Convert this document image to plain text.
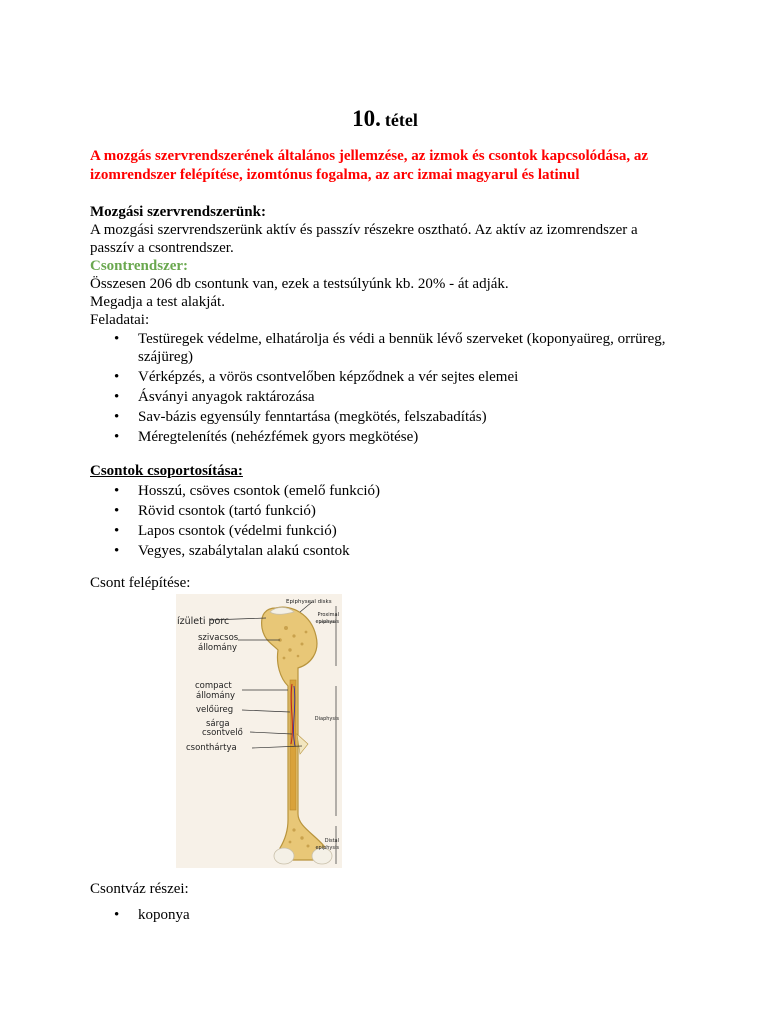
10. tétel
A mozgás szervrendszerének általános jellemzése, az izmok és csontok kapcsolódása, az izomrendszer felépítése, izomtónus fogalma, az arc izmai magyarul és latinul
Mozgási szervrendszerünk:
A mozgási szervrendszerünk aktív és passzív részekre osztható. Az aktív az izomrendszer a passzív a csontrendszer.
Csontrendszer:
Összesen 206 db csontunk van, ezek a testsúlyúnk kb. 20% - át adják.
Megadja a test alakját.
Feladatai:
• Testüregek védelme, elhatárolja és védi a bennük lévő szerveket (koponyaüreg, orrüreg, szájüreg)
• Vérképzés, a vörös csontvelőben képződnek a vér sejtes elemei
• Ásványi anyagok raktározása
• Sav-bázis egyensúly fenntartása (megkötés, felszabadítás)
• Méregtelenítés (nehézfémek gyors megkötése)
Csontok csoportosítása:
• Hosszú, csöves csontok (emelő funkció)
• Rövid csontok (tartó funkció)
• Lapos csontok (védelmi funkció)
• Vegyes, szabálytalan alakú csontok
Csont felépítése:
Csontváz részei:
• koponya
Epiphyseal disks
ízületi porc
szivacsos
állomány
Proximal
epiphysis
compact
állomány
velőüreg
sárga
csontvelő
Diaphysis
csonthártya
Distal
epiphysis
